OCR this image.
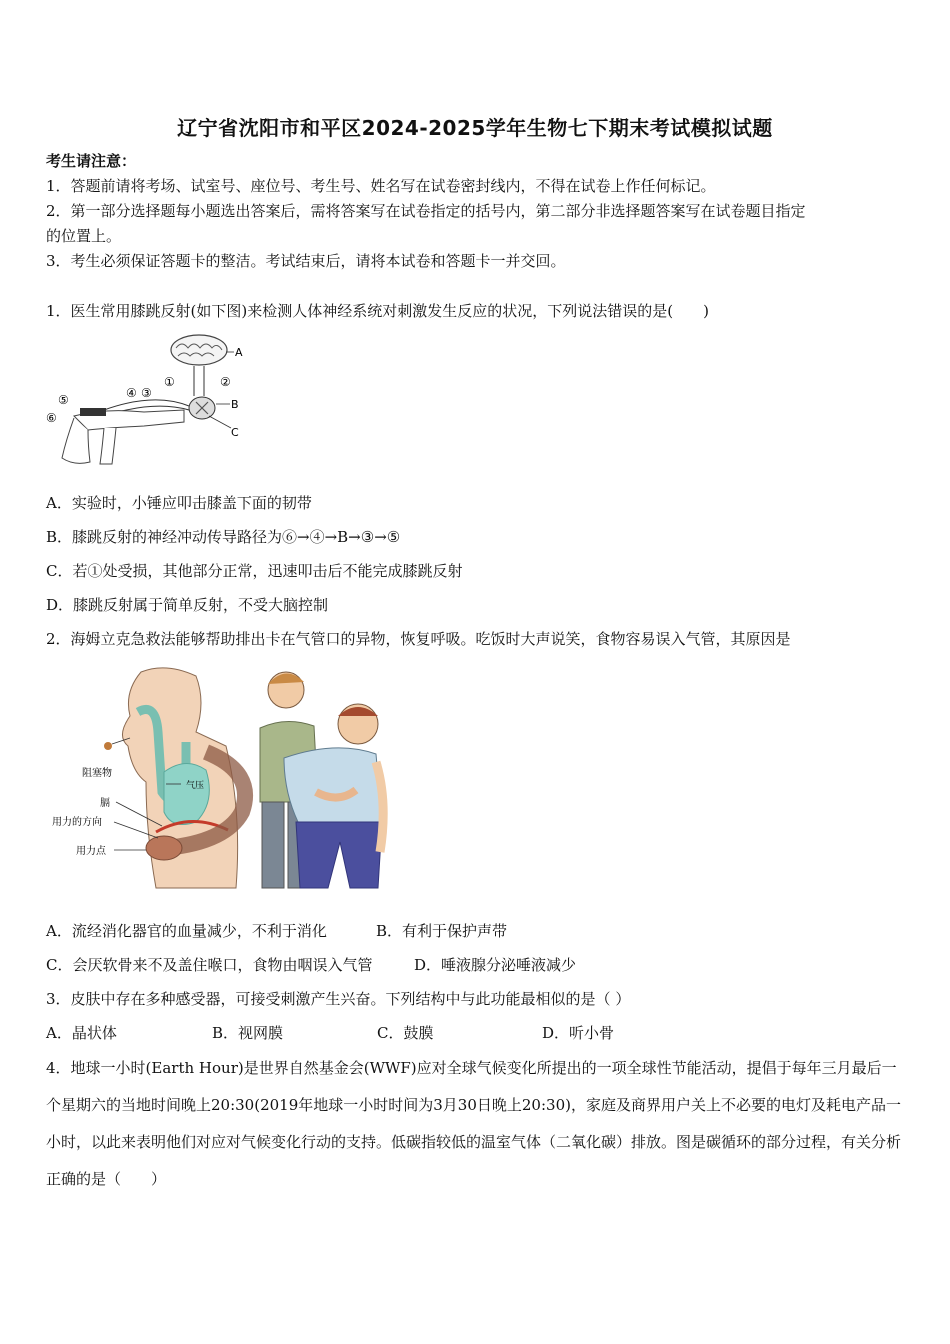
辽宁省沈阳市和平区2024-2025学年生物七下期末考试模拟试题
考生请注意：
1．答题前请将考场、试室号、座位号、考生号、姓名写在试卷密封线内，不得在试卷上作任何标记。
2．第一部分选择题每小题选出答案后，需将答案写在试卷指定的括号内，第二部分非选择题答案写在试卷题目指定
的位置上。
3．考生必须保证答题卡的整洁。考试结束后，请将本试卷和答题卡一并交回。
1．医生常用膝跳反射(如下图)来检测人体神经系统对刺激发生反应的状况，下列说法错误的是(　　)
A
①	②
B
C
④ ③
⑤
⑥
A．实验时，小锤应叩击膝盖下面的韧带
B．膝跳反射的神经冲动传导路径为⑥→④→B→③→⑤
C．若①处受损，其他部分正常，迅速叩击后不能完成膝跳反射
D．膝跳反射属于简单反射，不受大脑控制
2．海姆立克急救法能够帮助排出卡在气管口的异物，恢复呼吸。吃饭时大声说笑，食物容易误入气管，其原因是
阻塞物
气压
膈
用力的方向
用力点
A．流经消化器官的血量减少，不利于消化	B．有利于保护声带
C．会厌软骨来不及盖住喉口，食物由咽误入气管	D．唾液腺分泌唾液减少
3．皮肤中存在多种感受器，可接受刺激产生兴奋。下列结构中与此功能最相似的是（ ）
A．晶状体	B．视网膜	C．鼓膜	D．听小骨
4．地球一小时(Earth Hour)是世界自然基金会(WWF)应对全球气候变化所提出的一项全球性节能活动，提倡于每年三月最后一个星期六的当地时间晚上20:30(2019年地球一小时时间为3月30日晚上20:30)，家庭及商界用户关上不必要的电灯及耗电产品一小时，以此来表明他们对应对气候变化行动的支持。低碳指较低的温室气体（二氧化碳）排放。图是碳循环的部分过程，有关分析正确的是（　　）
